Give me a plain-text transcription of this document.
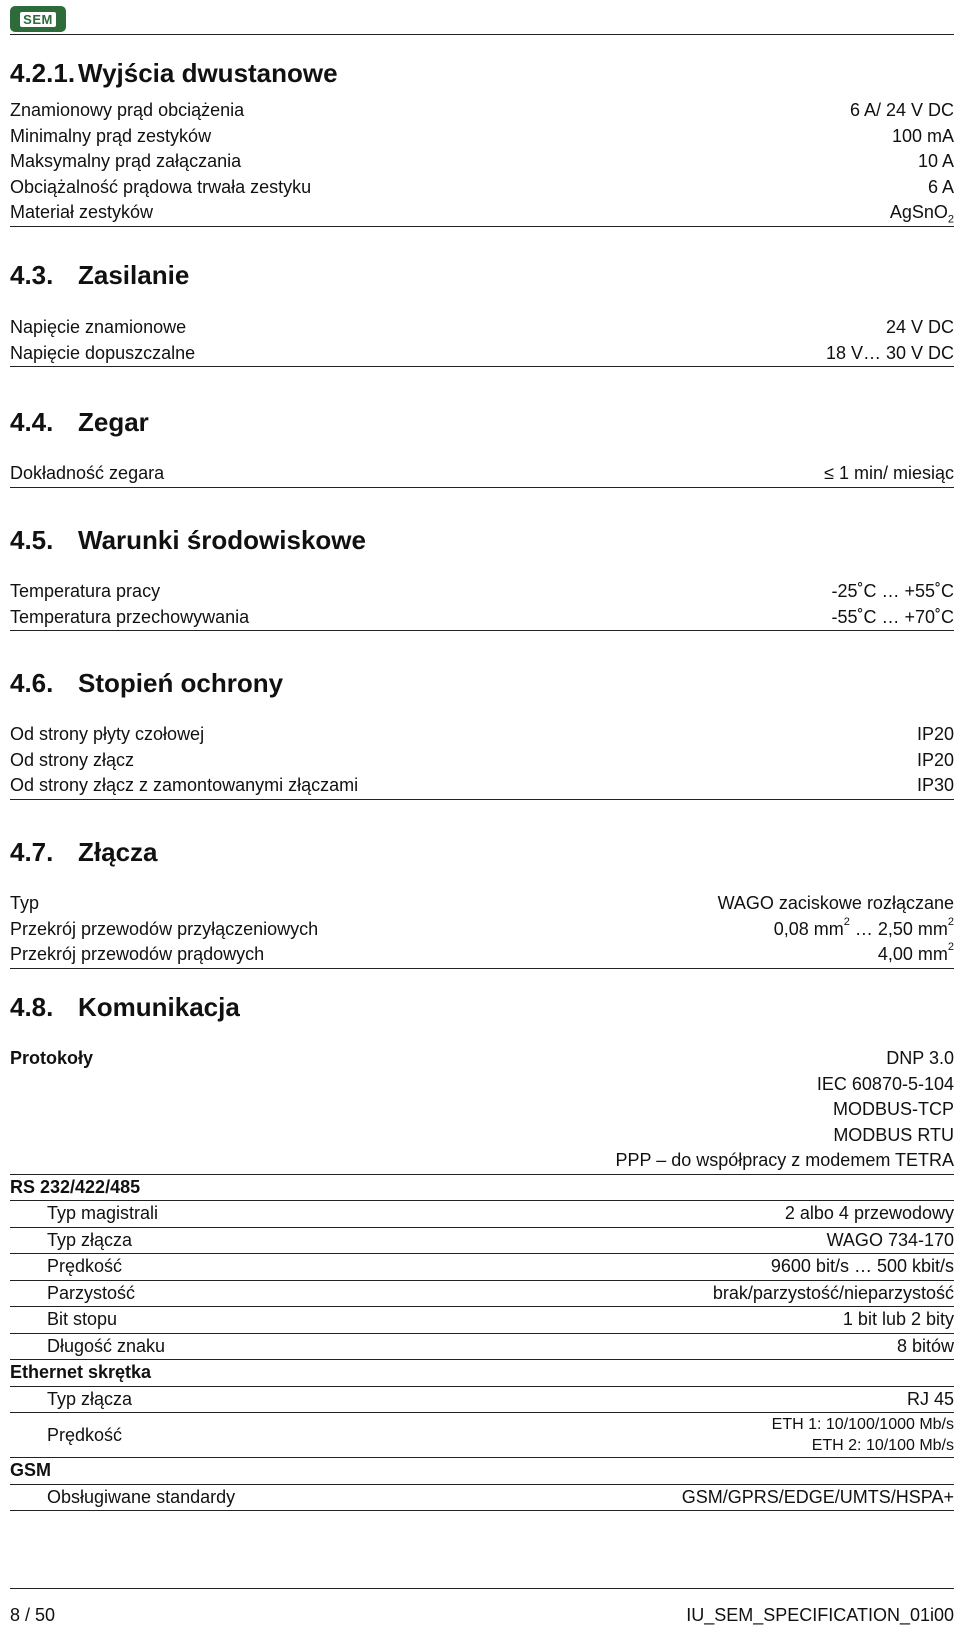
SEM
4.2.1. Wyjścia dwustanowe
Znamionowy prąd obciążenia	6 A/ 24 V DC
Minimalny prąd zestyków	100 mA
Maksymalny prąd załączania	10 A
Obciążalność prądowa trwała zestyku	6 A
Materiał zestyków	AgSnO$_2$
4.3. Zasilanie
Napięcie znamionowe	24 V DC
Napięcie dopuszczalne	18 V… 30 V DC
4.4. Zegar
Dokładność zegara	≤ 1 min/ miesiąc
4.5. Warunki środowiskowe
Temperatura pracy	-25˚C … +55˚C
Temperatura przechowywania	-55˚C … +70˚C
4.6. Stopień ochrony
Od strony płyty czołowej	IP20
Od strony złącz	IP20
Od strony złącz z zamontowanymi złączami	IP30
4.7. Złącza
Typ	WAGO zaciskowe rozłączane
Przekrój przewodów przyłączeniowych	0,08 $mm^2$ … 2,50 $mm^2$
Przekrój przewodów prądowych	4,00 $mm^2$
4.8. Komunikacja
Protokoły	DNP 3.0
IEC 60870-5-104
MODBUS-TCP
MODBUS RTU
PPP – do współpracy z modemem TETRA
RS 232/422/485
Typ magistrali	2 albo 4 przewodowy
Typ złącza	WAGO 734-170
Prędkość	9600 bit/s … 500 kbit/s
Parzystość	brak/parzystość/nieparzystość
Bit stopu	1 bit lub 2 bity
Długość znaku	8 bitów
Ethernet skrętka
Typ złącza	RJ 45
Prędkość	ETH 1: 10/100/1000 Mb/s
ETH 2: 10/100 Mb/s
GSM
Obsługiwane standardy	GSM/GPRS/EDGE/UMTS/HSPA+
8 / 50	IU_SEM_SPECIFICATION_01i00
